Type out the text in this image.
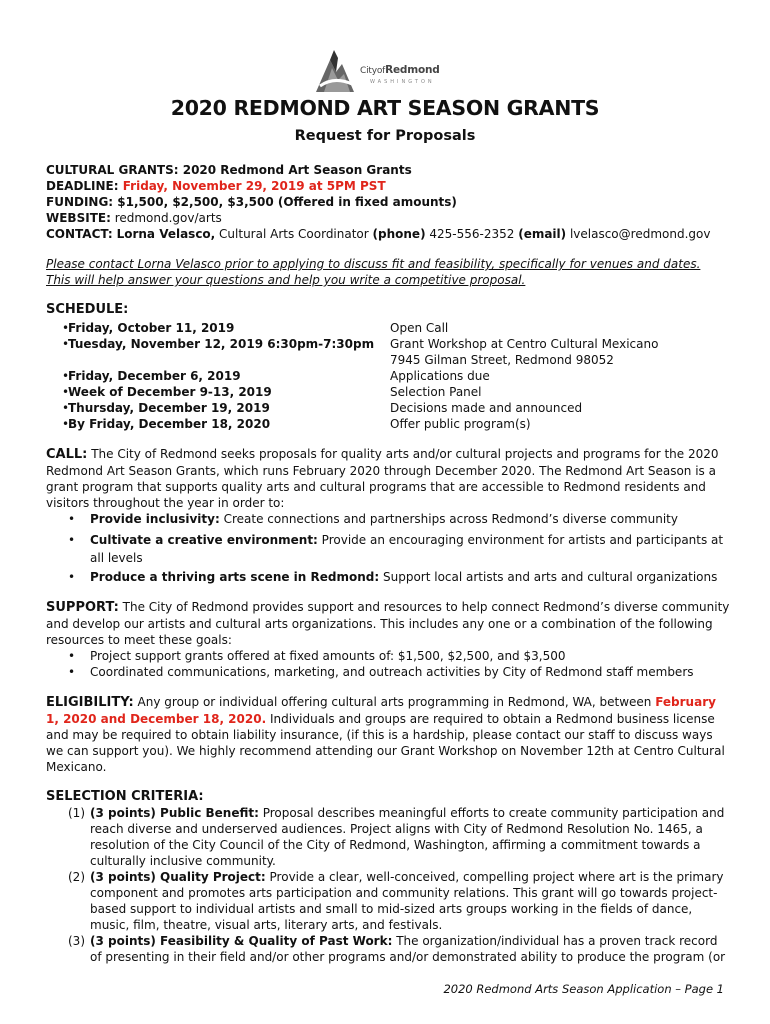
CityofRedmond
WASHINGTON
2020 REDMOND ART SEASON GRANTS
Request for Proposals

CULTURAL GRANTS: 2020 Redmond Art Season Grants

DEADLINE: Friday, November 29, 2019 at 5PM PST

FUNDING: $1,500, $2,500, $3,500 (Offered in fixed amounts)

WEBSITE: redmond.gov/arts

CONTACT: Lorna Velasco, Cultural Arts Coordinator (phone) 425-556-2352 (email) lvelasco@redmond.gov

Please contact Lorna Velasco prior to applying to discuss fit and feasibility, specifically for venues and dates.

This will help answer your questions and help you write a competitive proposal.

SCHEDULE:

•
Friday, October 11, 2019	Open Call
•
Tuesday, November 12, 2019 6:30pm-7:30pm	Grant Workshop at Centro Cultural Mexicano
7945 Gilman Street, Redmond 98052
•
Friday, December 6, 2019	Applications due
•
Week of December 9-13, 2019	Selection Panel
•
Thursday, December 19, 2019	Decisions made and announced
•
By Friday, December 18, 2020	Offer public program(s)

CALL: The City of Redmond seeks proposals for quality arts and/or cultural projects and programs for the 2020 Redmond Art Season Grants, which runs February 2020 through December 2020. The Redmond Art Season is a grant program that supports quality arts and cultural programs that are accessible to Redmond residents and visitors throughout the year in order to:

• Provide inclusivity: Create connections and partnerships across Redmond’s diverse community
• Cultivate a creative environment: Provide an encouraging environment for artists and participants at all levels
• Produce a thriving arts scene in Redmond: Support local artists and arts and cultural organizations

SUPPORT: The City of Redmond provides support and resources to help connect Redmond’s diverse community and develop our artists and cultural arts organizations. This includes any one or a combination of the following resources to meet these goals:

• Project support grants offered at fixed amounts of: $1,500, $2,500, and $3,500
• Coordinated communications, marketing, and outreach activities by City of Redmond staff members

ELIGIBILITY: Any group or individual offering cultural arts programming in Redmond, WA, between February 1, 2020 and December 18, 2020. Individuals and groups are required to obtain a Redmond business license and may be required to obtain liability insurance, (if this is a hardship, please contact our staff to discuss ways we can support you). We highly recommend attending our Grant Workshop on November 12th at Centro Cultural Mexicano.

SELECTION CRITERIA:

(1) (3 points) Public Benefit: Proposal describes meaningful efforts to create community participation and reach diverse and underserved audiences. Project aligns with City of Redmond Resolution No. 1465, a resolution of the City Council of the City of Redmond, Washington, affirming a commitment towards a culturally inclusive community.
(2) (3 points) Quality Project: Provide a clear, well-conceived, compelling project where art is the primary component and promotes arts participation and community relations. This grant will go towards project-based support to individual artists and small to mid-sized arts groups working in the fields of dance, music, film, theatre, visual arts, literary arts, and festivals.
(3) (3 points) Feasibility & Quality of Past Work: The organization/individual has a proven track record of presenting in their field and/or other programs and/or demonstrated ability to produce the program (or
2020 Redmond Arts Season Application – Page 1
